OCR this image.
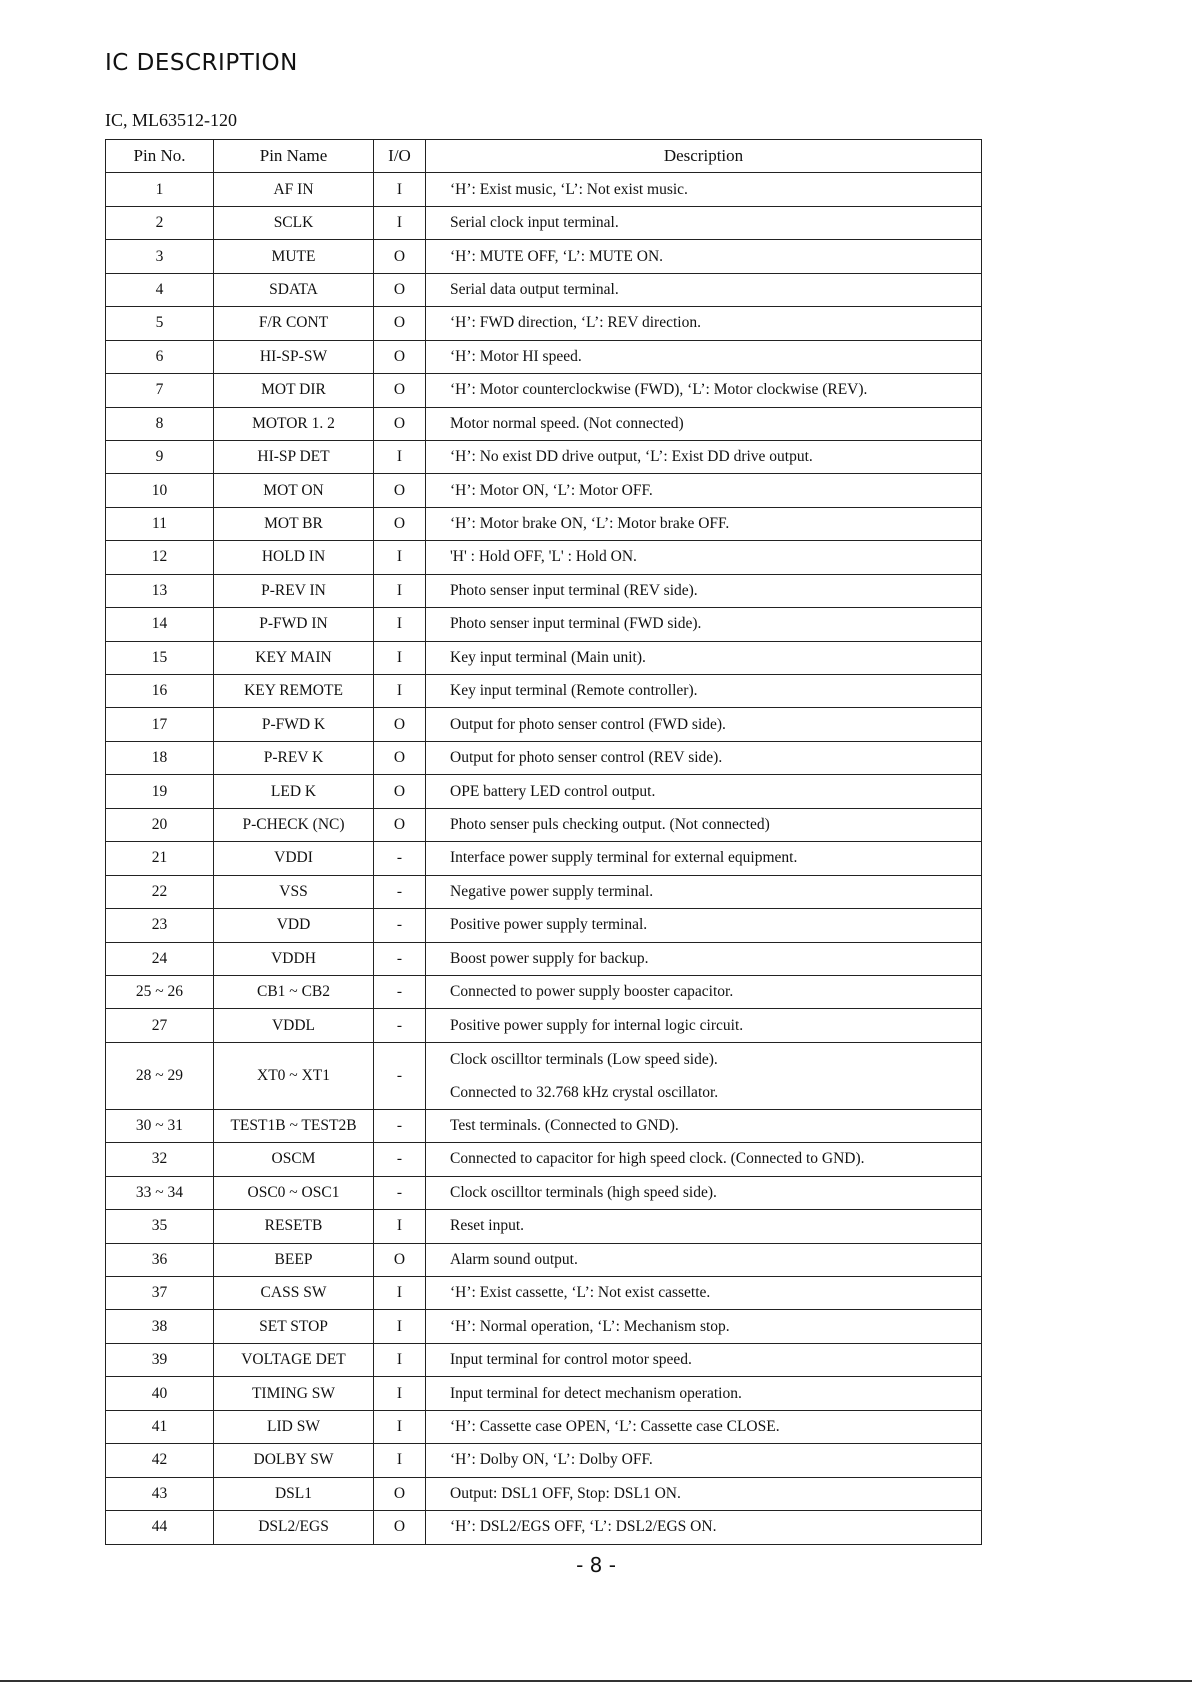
IC DESCRIPTION
IC, ML63512-120
Pin No.	Pin Name	I/O	Description
1	AF IN	I	‘H’: Exist music, ‘L’: Not exist music.
2	SCLK	I	Serial clock input terminal.
3	MUTE	O	‘H’: MUTE OFF, ‘L’: MUTE ON.
4	SDATA	O	Serial data output terminal.
5	F/R CONT	O	‘H’: FWD direction, ‘L’: REV direction.
6	HI-SP-SW	O	‘H’: Motor HI speed.
7	MOT DIR	O	‘H’: Motor counterclockwise (FWD), ‘L’: Motor clockwise (REV).
8	MOTOR 1. 2	O	Motor normal speed. (Not connected)
9	HI-SP DET	I	‘H’: No exist DD drive output, ‘L’: Exist DD drive output.
10	MOT ON	O	‘H’: Motor ON, ‘L’: Motor OFF.
11	MOT BR	O	‘H’: Motor brake ON, ‘L’: Motor brake OFF.
12	HOLD IN	I	'H' : Hold OFF, 'L' : Hold ON.
13	P-REV IN	I	Photo senser input terminal (REV side).
14	P-FWD IN	I	Photo senser input terminal (FWD side).
15	KEY MAIN	I	Key input terminal (Main unit).
16	KEY REMOTE	I	Key input terminal (Remote controller).
17	P-FWD K	O	Output for photo senser control (FWD side).
18	P-REV K	O	Output for photo senser control (REV side).
19	LED K	O	OPE battery LED control output.
20	P-CHECK (NC)	O	Photo senser puls checking output. (Not connected)
21	VDDI	-	Interface power supply terminal for external equipment.
22	VSS	-	Negative power supply terminal.
23	VDD	-	Positive power supply terminal.
24	VDDH	-	Boost power supply for backup.
25 ~ 26	CB1 ~ CB2	-	Connected to power supply booster capacitor.
27	VDDL	-	Positive power supply for internal logic circuit.
28 ~ 29	XT0 ~ XT1	-	Clock oscilltor terminals (Low speed side).
Connected to 32.768 kHz crystal oscillator.

30 ~ 31	TEST1B ~ TEST2B	-	Test terminals. (Connected to GND).
32	OSCM	-	Connected to capacitor for high speed clock. (Connected to GND).
33 ~ 34	OSC0 ~ OSC1	-	Clock oscilltor terminals (high speed side).
35	RESETB	I	Reset input.
36	BEEP	O	Alarm sound output.
37	CASS SW	I	‘H’: Exist cassette, ‘L’: Not exist cassette.
38	SET STOP	I	‘H’: Normal operation, ‘L’: Mechanism stop.
39	VOLTAGE DET	I	Input terminal for control motor speed.
40	TIMING SW	I	Input terminal for detect mechanism operation.
41	LID SW	I	‘H’: Cassette case OPEN, ‘L’: Cassette case CLOSE.
42	DOLBY SW	I	‘H’: Dolby ON, ‘L’: Dolby OFF.
43	DSL1	O	Output: DSL1 OFF, Stop: DSL1 ON.
44	DSL2/EGS	O	‘H’: DSL2/EGS OFF, ‘L’: DSL2/EGS ON.
- 8 -
